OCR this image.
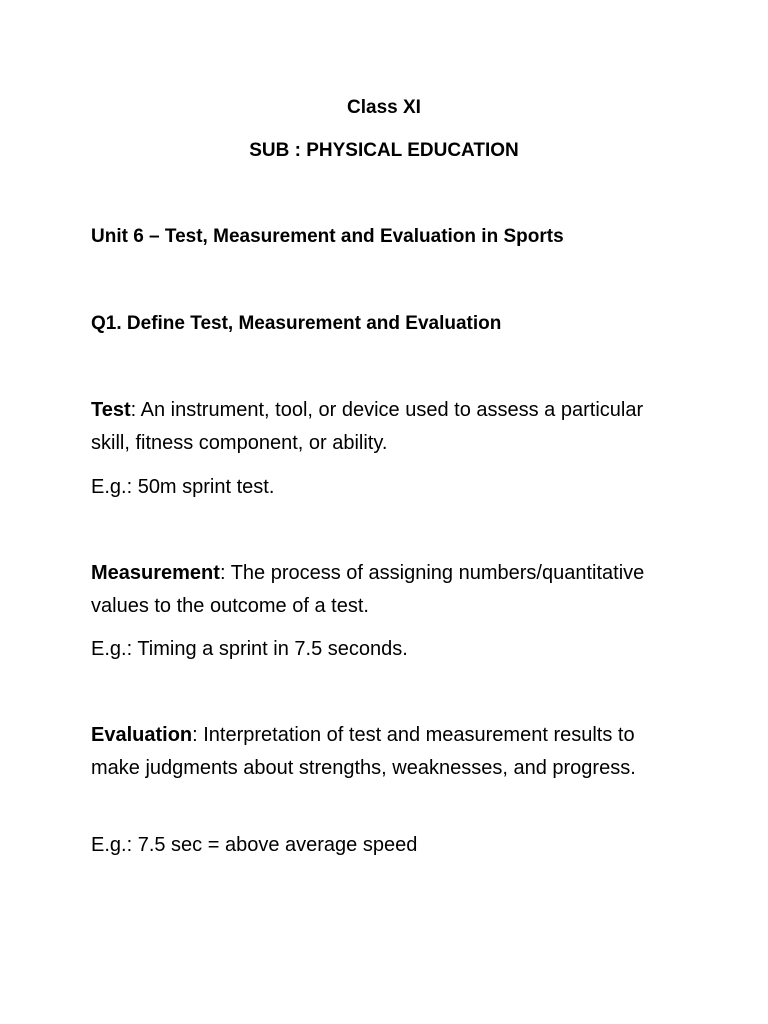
Class XI
SUB : PHYSICAL EDUCATION
Unit 6 – Test, Measurement and Evaluation in Sports
Q1. Define Test, Measurement and Evaluation
Test: An instrument, tool, or device used to assess a particular skill, fitness component, or ability.
E.g.: 50m sprint test.
Measurement: The process of assigning numbers/quantitative values to the outcome of a test.
E.g.: Timing a sprint in 7.5 seconds.
Evaluation: Interpretation of test and measurement results to make judgments about strengths, weaknesses, and progress.
E.g.: 7.5 sec = above average speed
